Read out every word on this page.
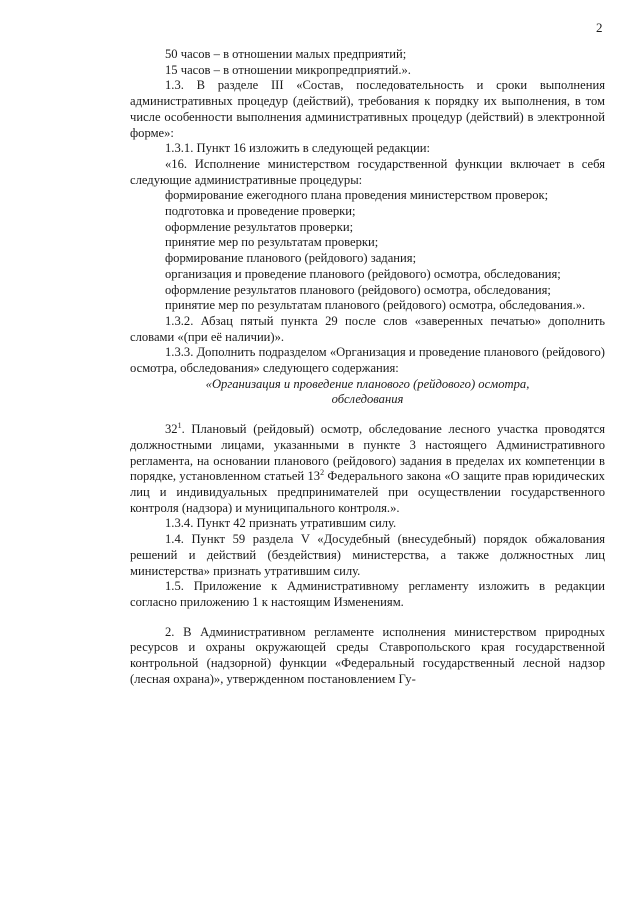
2

50 часов – в отношении малых предприятий;

15 часов – в отношении микропредприятий.».

1.3. В разделе III «Состав, последовательность и сроки выполнения административных процедур (действий), требования к порядку их выполнения, в том числе особенности выполнения административных процедур (действий) в электронной форме»:

1.3.1. Пункт 16 изложить в следующей редакции:

«16. Исполнение министерством государственной функции включает в себя следующие административные процедуры:

формирование ежегодного плана проведения министерством проверок;

подготовка и проведение проверки;

оформление результатов проверки;

принятие мер по результатам проверки;

формирование планового (рейдового) задания;

организация и проведение планового (рейдового) осмотра, обследования;

оформление результатов планового (рейдового) осмотра, обследования;

принятие мер по результатам планового (рейдового) осмотра, обследования.».

1.3.2. Абзац пятый пункта 29 после слов «заверенных печатью» дополнить словами «(при её наличии)».

1.3.3. Дополнить подразделом «Организация и проведение планового (рейдового) осмотра, обследования» следующего содержания:

«Организация и проведение планового (рейдового) осмотра,

обследования

$32^1$. Плановый (рейдовый) осмотр, обследование лесного участка проводятся должностными лицами, указанными в пункте 3 настоящего Административного регламента, на основании планового (рейдового) задания в пределах их компетенции в порядке, установленном статьей $13^2$ Федерального закона «О защите прав юридических лиц и индивидуальных предпринимателей при осуществлении государственного контроля (надзора) и муниципального контроля.».

1.3.4. Пункт 42 признать утратившим силу.

1.4. Пункт 59 раздела V «Досудебный (внесудебный) порядок обжалования решений и действий (бездействия) министерства, а также должностных лиц министерства» признать утратившим силу.

1.5. Приложение к Административному регламенту изложить в редакции согласно приложению 1 к настоящим Изменениям.

2. В Административном регламенте исполнения министерством природных ресурсов и охраны окружающей среды Ставропольского края государственной контрольной (надзорной) функции «Федеральный государственный лесной надзор (лесная охрана)», утвержденном постановлением Гу-
